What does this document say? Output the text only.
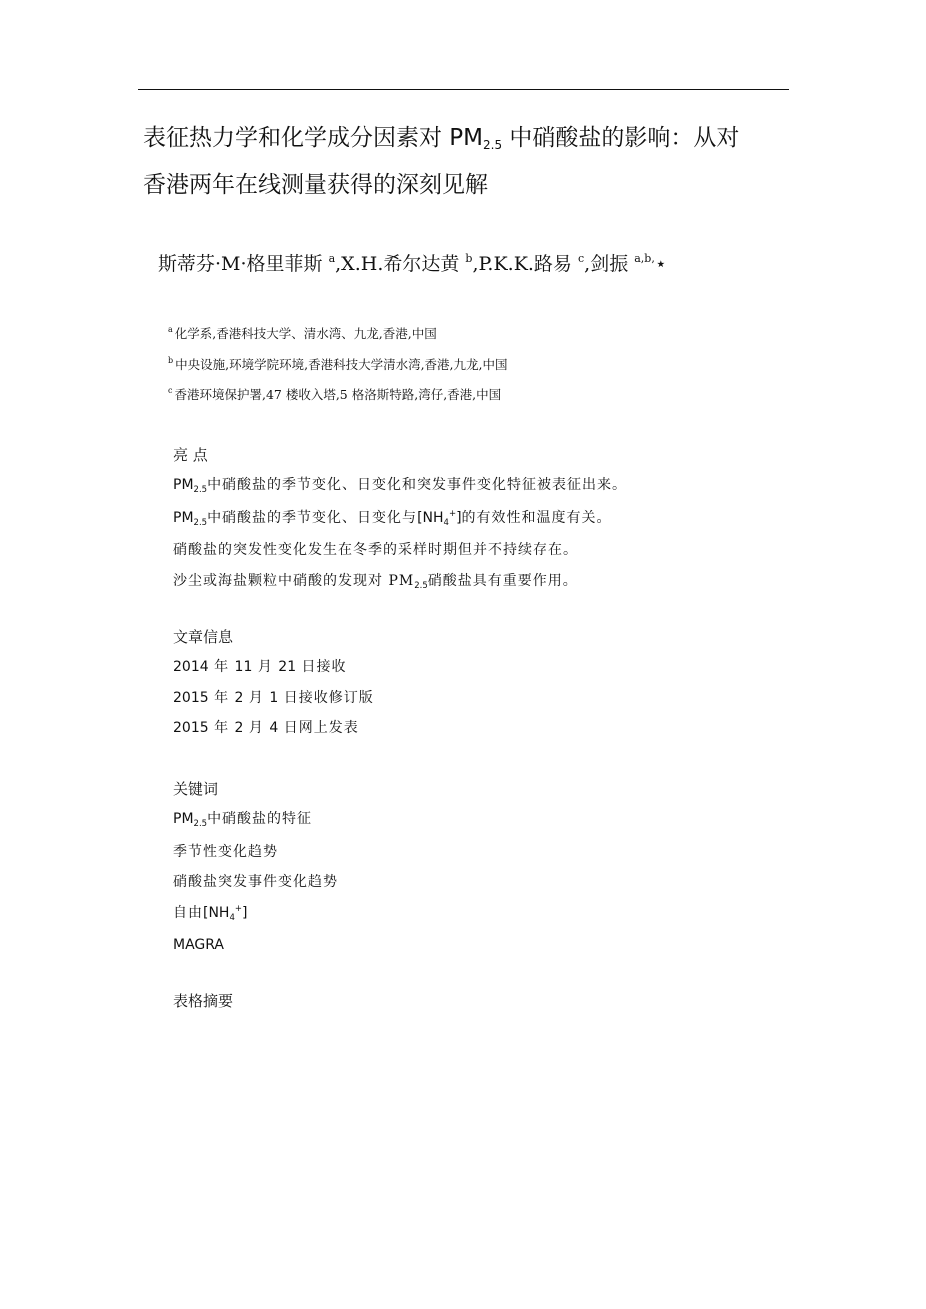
表征热力学和化学成分因素对 $PM_{2.5}$ 中硝酸盐的影响：从对
香港两年在线测量获得的深刻见解
斯蒂芬·M·格里菲斯 $^a$,X.H.希尔达黄 $^b$,P.K.K.路易 $^c$,剑振 $^{a,b,}$⋆
$^a$ 化学系,香港科技大学、清水湾、九龙,香港,中国
$^b$ 中央设施,环境学院环境,香港科技大学清水湾,香港,九龙,中国
$^c$ 香港环境保护署,47 楼收入塔,5 格洛斯特路,湾仔,香港,中国
亮 点
$PM_{2.5}$中硝酸盐的季节变化、日变化和突发事件变化特征被表征出来。
$PM_{2.5}$中硝酸盐的季节变化、日变化与$[NH_4^+]$的有效性和温度有关。
硝酸盐的突发性变化发生在冬季的采样时期但并不持续存在。
沙尘或海盐颗粒中硝酸的发现对 $PM_{2.5}$硝酸盐具有重要作用。
文章信息
2014 年 11 月 21 日接收
2015 年 2 月 1 日接收修订版
2015 年 2 月 4 日网上发表
关键词
$PM_{2.5}$中硝酸盐的特征
季节性变化趋势
硝酸盐突发事件变化趋势
自由$[NH_4^+]$
MAGRA
表格摘要
